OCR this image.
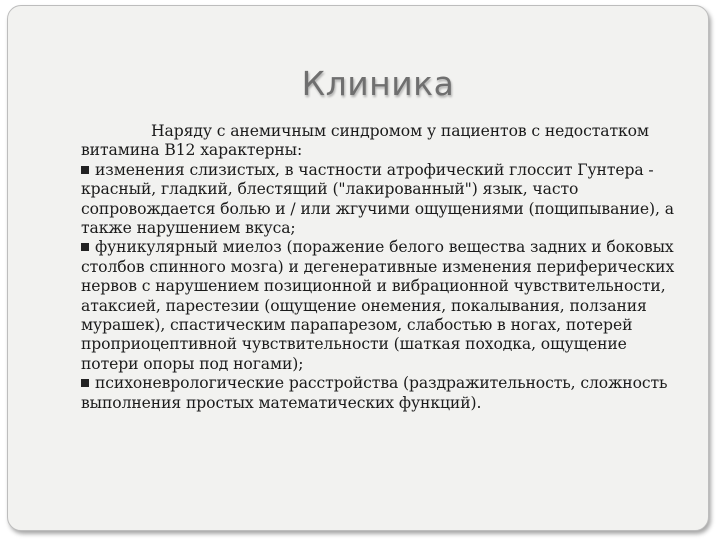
Клиника

Наряду с анемичным синдромом у пациентов с недостатком витамина В12 характерны:

изменения слизистых, в частности атрофический глоссит Гунтера - красный, гладкий, блестящий ("лакированный") язык, часто сопровождается болью и / или жгучими ощущениями (пощипывание), а также нарушением вкуса;

фуникулярный миелоз (поражение белого вещества задних и боковых столбов спинного мозга) и дегенеративные изменения периферических нервов с нарушением позиционной и вибрационной чувствительности, атаксией, парестезии (ощущение онемения, покалывания, ползания мурашек), спастическим парапарезом, слабостью в ногах, потерей проприоцептивной чувствительности (шаткая походка, ощущение потери опоры под ногами);

психоневрологические расстройства (раздражительность, сложность выполнения простых математических функций).
